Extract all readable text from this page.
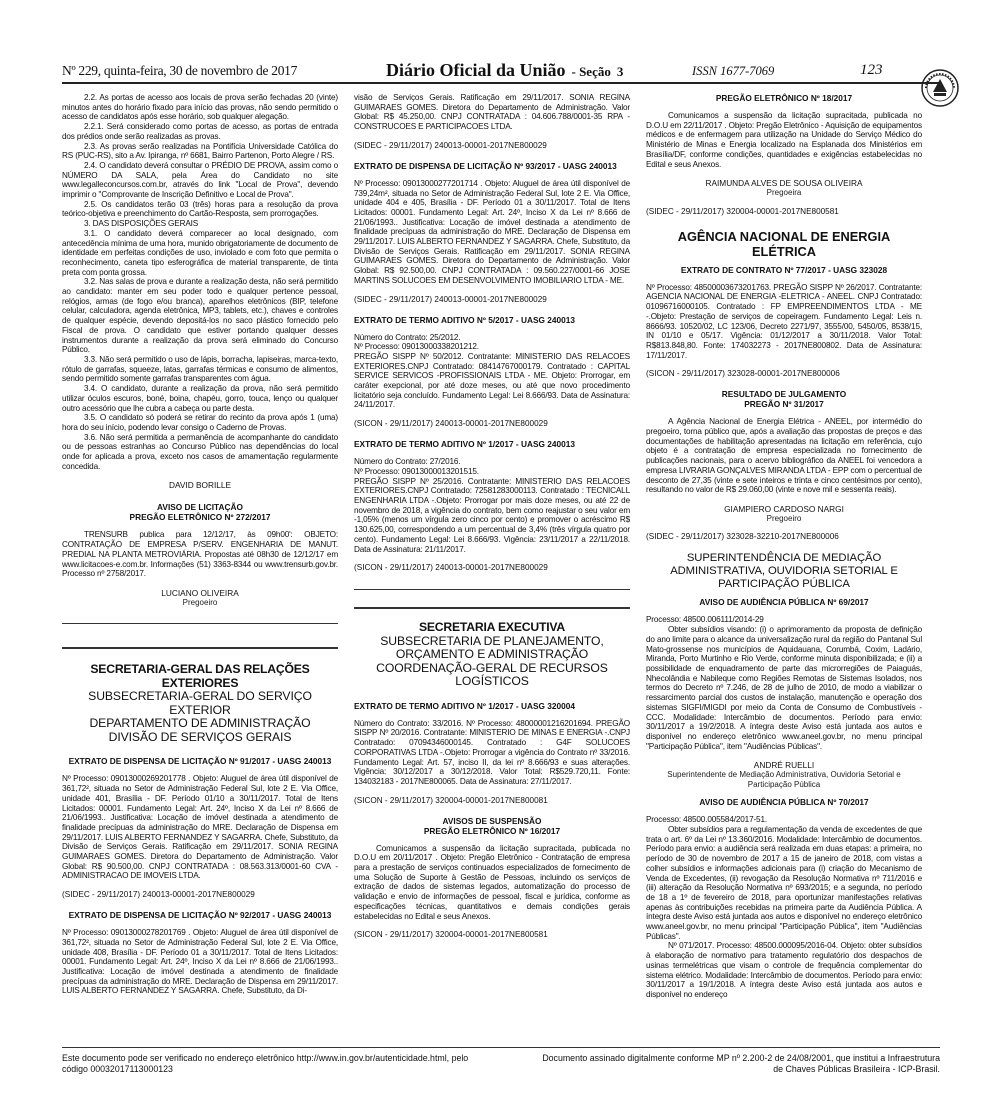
Nº 229, quinta-feira, 30 de novembro de 2017	Diário Oficial da União - Seção 3	ISSN 1677-7069	123

2.2. As portas de acesso aos locais de prova serão fechadas 20 (vinte) minutos antes do horário fixado para início das provas, não sendo permitido o acesso de candidatos após esse horário, sob qualquer alegação.

2.2.1. Será considerado como portas de acesso, as portas de entrada dos prédios onde serão realizadas as provas.

2.3. As provas serão realizadas na Pontifícia Universidade Católica do RS (PUC-RS), sito a Av. Ipiranga, nº 6681, Bairro Partenon, Porto Alegre / RS.

2.4. O candidato deverá consultar o PRÉDIO DE PROVA, assim como o NÚMERO DA SALA, pela Área do Candidato no site www.legalleconcursos.com.br, através do link "Local de Prova", devendo imprimir o "Comprovante de Inscrição Definitivo e Local de Prova".

2.5. Os candidatos terão 03 (três) horas para a resolução da prova teórico-objetiva e preenchimento do Cartão-Resposta, sem prorrogações.

3. DAS DISPOSIÇÕES GERAIS

3.1. O candidato deverá comparecer ao local designado, com antecedência mínima de uma hora, munido obrigatoriamente de documento de identidade em perfeitas condições de uso, inviolado e com foto que permita o reconhecimento, caneta tipo esferográfica de material transparente, de tinta preta com ponta grossa.

3.2. Nas salas de prova e durante a realização desta, não será permitido ao candidato: manter em seu poder todo e qualquer pertence pessoal, relógios, armas (de fogo e/ou branca), aparelhos eletrônicos (BIP, telefone celular, calculadora, agenda eletrônica, MP3, tablets, etc.), chaves e controles de qualquer espécie, devendo depositá-los no saco plástico fornecido pelo Fiscal de prova. O candidato que estiver portando qualquer desses instrumentos durante a realização da prova será eliminado do Concurso Público.

3.3. Não será permitido o uso de lápis, borracha, lapiseiras, marca-texto, rótulo de garrafas, squeeze, latas, garrafas térmicas e consumo de alimentos, sendo permitido somente garrafas transparentes com água.

3.4. O candidato, durante a realização da prova, não será permitido utilizar óculos escuros, boné, boina, chapéu, gorro, touca, lenço ou qualquer outro acessório que lhe cubra a cabeça ou parte desta.

3.5. O candidato só poderá se retirar do recinto da prova após 1 (uma) hora do seu início, podendo levar consigo o Caderno de Provas.

3.6. Não será permitida a permanência de acompanhante do candidato ou de pessoas estranhas ao Concurso Público nas dependências do local onde for aplicada a prova, exceto nos casos de amamentação regularmente concedida.

DAVID BORILLE
AVISO DE LICITAÇÃO
PREGÃO ELETRÔNICO Nº 272/2017

TRENSURB publica para 12/12/17, às 09h00': OBJETO: CONTRATAÇÃO DE EMPRESA P/SERV. ENGENHARIA DE MANUT. PREDIAL NA PLANTA METROVIÁRIA. Propostas até 08h30 de 12/12/17 em www.licitacoes-e.com.br. Informações (51) 3363-8344 ou www.trensurb.gov.br. Processo nº 2758/2017.

LUCIANO OLIVEIRA
Pregoeiro
SECRETARIA-GERAL DAS RELAÇÕES EXTERIORES
SUBSECRETARIA-GERAL DO SERVIÇO EXTERIOR
DEPARTAMENTO DE ADMINISTRAÇÃO
DIVISÃO DE SERVIÇOS GERAIS
EXTRATO DE DISPENSA DE LICITAÇÃO Nº 91/2017 - UASG 240013

Nº Processo: 09013000269201778 . Objeto: Aluguel de área útil disponível de 361,72², situada no Setor de Administração Federal Sul, lote 2 E. Via Office, unidade 401, Brasília - DF. Período 01/10 a 30/11/2017. Total de Itens Licitados: 00001. Fundamento Legal: Art. 24º, Inciso X da Lei nº 8.666 de 21/06/1993.. Justificativa: Locação de imóvel destinada a atendimento de finalidade precípuas da administração do MRE. Declaração de Dispensa em 29/11/2017. LUIS ALBERTO FERNANDEZ Y SAGARRA. Chefe, Substituto, da Divisão de Serviços Gerais. Ratificação em 29/11/2017. SONIA REGINA GUIMARAES GOMES. Diretora do Departamento de Administração. Valor Global: R$ 90.500,00. CNPJ CONTRATADA : 08.563.313/0001-60 CVA - ADMINISTRACAO DE IMOVEIS LTDA.

(SIDEC - 29/11/2017) 240013-00001-2017NE800029
EXTRATO DE DISPENSA DE LICITAÇÃO Nº 92/2017 - UASG 240013

Nº Processo: 09013000278201769 . Objeto: Aluguel de área útil disponível de 361,72², situada no Setor de Administração Federal Sul, lote 2 E. Via Office, unidade 408, Brasília - DF. Período 01 a 30/11/2017. Total de Itens Licitados: 00001. Fundamento Legal: Art. 24º, Inciso X da Lei nº 8.666 de 21/06/1993.. Justificativa: Locação de imóvel destinada a atendimento de finalidade precípuas da administração do MRE. Declaração de Dispensa em 29/11/2017. LUIS ALBERTO FERNANDEZ Y SAGARRA. Chefe, Substituto, da Di-

visão de Serviços Gerais. Ratificação em 29/11/2017. SONIA REGINA GUIMARAES GOMES. Diretora do Departamento de Administração. Valor Global: R$ 45.250,00. CNPJ CONTRATADA : 04.606.788/0001-35 RPA - CONSTRUCOES E PARTICIPACOES LTDA.

(SIDEC - 29/11/2017) 240013-00001-2017NE800029
EXTRATO DE DISPENSA DE LICITAÇÃO Nº 93/2017 - UASG 240013

Nº Processo: 09013000277201714 . Objeto: Aluguel de área útil disponível de 739,24m², situada no Setor de Administração Federal Sul, lote 2 E. Via Office, unidade 404 e 405, Brasília - DF. Período 01 a 30/11/2017. Total de Itens Licitados: 00001. Fundamento Legal: Art. 24º, Inciso X da Lei nº 8.666 de 21/06/1993.. Justificativa: Locação de imóvel destinada a atendimento de finalidade precípuas da administração do MRE. Declaração de Dispensa em 29/11/2017. LUIS ALBERTO FERNANDEZ Y SAGARRA. Chefe, Substituto, da Divisão de Serviços Gerais. Ratificação em 29/11/2017. SONIA REGINA GUIMARAES GOMES. Diretora do Departamento de Administração. Valor Global: R$ 92.500,00. CNPJ CONTRATADA : 09.560.227/0001-66 JOSE MARTINS SOLUCOES EM DESENVOLVIMENTO IMOBILIARIO LTDA - ME.

(SIDEC - 29/11/2017) 240013-00001-2017NE800029
EXTRATO DE TERMO ADITIVO Nº 5/2017 - UASG 240013

Número do Contrato: 25/2012.
Nº Processo: 09013000338201212.
PREGÃO SISPP Nº 50/2012. Contratante: MINISTERIO DAS RELACOES EXTERIORES.CNPJ Contratado: 08414767000179. Contratado : CAPITAL SERVICE SERVICOS -PROFISSIONAIS LTDA - ME. Objeto: Prorrogar, em caráter exepcional, por até doze meses, ou até que novo procedimento licitatório seja concluído. Fundamento Legal: Lei 8.666/93. Data de Assinatura: 24/11/2017.

(SICON - 29/11/2017) 240013-00001-2017NE800029
EXTRATO DE TERMO ADITIVO Nº 1/2017 - UASG 240013

Número do Contrato: 27/2016.
Nº Processo: 09013000013201515.
PREGÃO SISPP Nº 25/2016. Contratante: MINISTERIO DAS RELACOES EXTERIORES.CNPJ Contratado: 72581283000113. Contratado : TECNICALL ENGENHARIA LTDA -.Objeto: Prorrogar por mais doze meses, ou até 22 de novembro de 2018, a vigência do contrato, bem como reajustar o seu valor em -1,05% (menos um vírgula zero cinco por cento) e promover o acréscimo R$ 130.625,00, correspondendo a um percentual de 3,4% (três vírgula quatro por cento). Fundamento Legal: Lei 8.666/93. Vigência: 23/11/2017 a 22/11/2018. Data de Assinatura: 21/11/2017.

(SICON - 29/11/2017) 240013-00001-2017NE800029
SECRETARIA EXECUTIVA
SUBSECRETARIA DE PLANEJAMENTO, ORÇAMENTO E ADMINISTRAÇÃO
COORDENAÇÃO-GERAL DE RECURSOS LOGÍSTICOS
EXTRATO DE TERMO ADITIVO Nº 1/2017 - UASG 320004

Número do Contrato: 33/2016. Nº Processo: 48000001216201694. PREGÃO SISPP Nº 20/2016. Contratante: MINISTERIO DE MINAS E ENERGIA -.CNPJ Contratado: 07094346000145. Contratado : G4F SOLUCOES CORPORATIVAS LTDA -.Objeto: Prorrogar a vigência do Contrato nº 33/2016. Fundamento Legal: Art. 57, inciso II, da lei nº 8.666/93 e suas alterações. Vigência: 30/12/2017 a 30/12/2018. Valor Total: R$529.720,11. Fonte: 134032183 - 2017NE800065. Data de Assinatura: 27/11/2017.

(SICON - 29/11/2017) 320004-00001-2017NE800081
AVISOS DE SUSPENSÃO
PREGÃO ELETRÔNICO Nº 16/2017

Comunicamos a suspensão da licitação supracitada, publicada no D.O.U em 20/11/2017 . Objeto: Pregão Eletrônico - Contratação de empresa para a prestação de serviços continuados especializados de fornecimento de uma Solução de Suporte à Gestão de Pessoas, incluindo os serviços de extração de dados de sistemas legados, automatização do processo de validação e envio de informações de pessoal, fiscal e jurídica, conforme as especificações técnicas, quantitativos e demais condições gerais estabelecidas no Edital e seus Anexos.

(SICON - 29/11/2017) 320004-00001-2017NE800581
PREGÃO ELETRÔNICO Nº 18/2017

Comunicamos a suspensão da licitação supracitada, publicada no D.O.U em 22/11/2017 . Objeto: Pregão Eletrônico - Aquisição de equipamentos médicos e de enfermagem para utilização na Unidade do Serviço Médico do Ministério de Minas e Energia localizado na Esplanada dos Ministérios em Brasília/DF, conforme condições, quantidades e exigências estabelecidas no Edital e seus Anexos.

RAIMUNDA ALVES DE SOUSA OLIVEIRA
Pregoeira
(SIDEC - 29/11/2017) 320004-00001-2017NE800581
AGÊNCIA NACIONAL DE ENERGIA ELÉTRICA
EXTRATO DE CONTRATO Nº 77/2017 - UASG 323028

Nº Processo: 48500003673201763. PREGÃO SISPP Nº 26/2017. Contratante: AGENCIA NACIONAL DE ENERGIA -ELETRICA - ANEEL. CNPJ Contratado: 01096716000105. Contratado : FP EMPREENDIMENTOS LTDA - ME -.Objeto: Prestação de serviços de copeiragem. Fundamento Legal: Leis n. 8666/93. 10520/02, LC 123/06, Decreto 2271/97, 3555/00, 5450/05, 8538/15, IN 01/10 e 05/17. Vigência: 01/12/2017 a 30/11/2018. Valor Total: R$813.848,80. Fonte: 174032273 - 2017NE800802. Data de Assinatura: 17/11/2017.

(SICON - 29/11/2017) 323028-00001-2017NE800006
RESULTADO DE JULGAMENTO
PREGÃO Nº 31/2017

A Agência Nacional de Energia Elétrica - ANEEL, por intermédio do pregoeiro, torna público que, após a avaliação das propostas de preços e das documentações de habilitação apresentadas na licitação em referência, cujo objeto é a contratação de empresa especializada no fornecimento de publicações nacionais, para o acervo bibliográfico da ANEEL foi vencedora a empresa LIVRARIA GONÇALVES MIRANDA LTDA - EPP com o percentual de desconto de 27,35 (vinte e sete inteiros e trinta e cinco centésimos por cento), resultando no valor de R$ 29.060,00 (vinte e nove mil e sessenta reais).

GIAMPIERO CARDOSO NARGI
Pregoeiro
(SIDEC - 29/11/2017) 323028-32210-2017NE800006
SUPERINTENDÊNCIA DE MEDIAÇÃO ADMINISTRATIVA, OUVIDORIA SETORIAL E PARTICIPAÇÃO PÚBLICA
AVISO DE AUDIÊNCIA PÚBLICA Nº 69/2017

Processo: 48500.006111/2014-29

Obter subsídios visando: (i) o aprimoramento da proposta de definição do ano limite para o alcance da universalização rural da região do Pantanal Sul Mato-grossense nos municípios de Aquidauana, Corumbá, Coxim, Ladário, Miranda, Porto Murtinho e Rio Verde, conforme minuta disponibilizada; e (ii) a possibilidade de enquadramento de parte das microrregiões de Paiaguás, Nhecolândia e Nabileque como Regiões Remotas de Sistemas Isolados, nos termos do Decreto nº 7.246, de 28 de julho de 2010, de modo a viabilizar o ressarcimento parcial dos custos de instalação, manutenção e operação dos sistemas SIGFI/MIGDI por meio da Conta de Consumo de Combustíveis - CCC. Modalidade: Intercâmbio de documentos. Período para envio: 30/11/2017 a 19/2/2018. A íntegra deste Aviso está juntada aos autos e disponível no endereço eletrônico www.aneel.gov.br, no menu principal "Participação Pública", item "Audiências Públicas".

ANDRÉ RUELLI
Superintendente de Mediação Administrativa, Ouvidoria Setorial e Participação Pública
AVISO DE AUDIÊNCIA PÚBLICA Nº 70/2017

Processo: 48500.005584/2017-51.

Obter subsídios para a regulamentação da venda de excedentes de que trata o art. 6º da Lei nº 13.360/2016. Modalidade: Intercâmbio de documentos. Período para envio: a audiência será realizada em duas etapas: a primeira, no período de 30 de novembro de 2017 a 15 de janeiro de 2018, com vistas a colher subsídios e informações adicionais para (i) criação do Mecanismo de Venda de Excedentes, (ii) revogação da Resolução Normativa nº 711/2016 e (iii) alteração da Resolução Normativa nº 693/2015; e a segunda, no período de 18 a 1º de fevereiro de 2018, para oportunizar manifestações relativas apenas às contribuições recebidas na primeira parte da Audiência Pública. A íntegra deste Aviso está juntada aos autos e disponível no endereço eletrônico www.aneel.gov.br, no menu principal "Participação Pública", item "Audiências Públicas".

Nº 071/2017. Processo: 48500.000095/2016-04. Objeto: obter subsídios à elaboração de normativo para tratamento regulatório dos despachos de usinas termelétricas que visam o controle de frequência complementar do sistema elétrico. Modalidade: Intercâmbio de documentos. Período para envio: 30/11/2017 a 19/1/2018. A íntegra deste Aviso está juntada aos autos e disponível no endereço

Este documento pode ser verificado no endereço eletrônico http://www.in.gov.br/autenticidade.html, pelo código 00032017113000123
Documento assinado digitalmente conforme MP nº 2.200-2 de 24/08/2001, que institui a Infraestrutura de Chaves Públicas Brasileira - ICP-Brasil.
